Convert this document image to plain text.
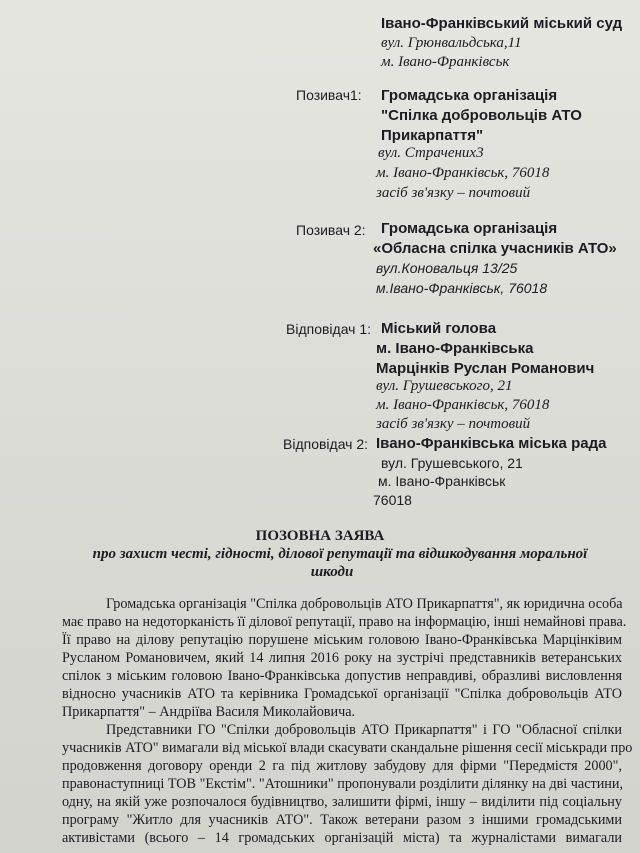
Івано-Франківський міський суд
вул. Грюнвальдська,11
м. Івано-Франківськ
Позивач1: Громадська організація
"Спілка добровольців АТО
Прикарпаття"
вул. Страчених3
м. Івано-Франківськ, 76018
засіб зв'язку – почтовий
Позивач 2: Громадська організація
«Обласна спілка учасників АТО»
вул.Коновальця 13/25
м.Івано-Франківськ, 76018
Відповідач 1: Міський голова
м. Івано-Франківська
Марцінків Руслан Романович
вул. Грушевського, 21
м. Івано-Франківськ, 76018
засіб зв'язку – почтовий
Відповідач 2: Івано-Франківська міська рада
вул. Грушевського, 21
м. Івано-Франківськ
76018
ПОЗОВНА ЗАЯВА
про захист честі, гідності, ділової репутації та відшкодування моральної
шкоди
Громадська організація "Спілка добровольців АТО Прикарпаття", як юридична особа
має право на недоторканість її ділової репутації, право на інформацію, інші немайнові права.
Її право на ділову репутацію порушене міським головою Івано-Франківська Марцінківим
Русланом Романовичем, який 14 липня 2016 року на зустрічі представників ветеранських
спілок з міським головою Івано-Франківська допустив неправдиві, образливі висловлення
відносно учасників АТО та керівника Громадської організації "Спілка добровольців АТО
Прикарпаття" – Андріїва Василя Миколайовича.
Представники ГО "Спілки добровольців АТО Прикарпаття" і ГО "Обласної спілки
учасників АТО" вимагали від міської влади скасувати скандальне рішення сесії міськради про
продовження договору оренди 2 га під житлову забудову для фірми "Передмістя 2000",
правонаступниці ТОВ "Екстім". "Атошники" пропонували розділити ділянку на дві частини,
одну, на якій уже розпочалося будівництво, залишити фірмі, іншу – виділити під соціальну
програму "Житло для учасників АТО". Також ветерани разом з іншими громадськими
активістами (всього – 14 громадських організацій міста) та журналістами вимагали
